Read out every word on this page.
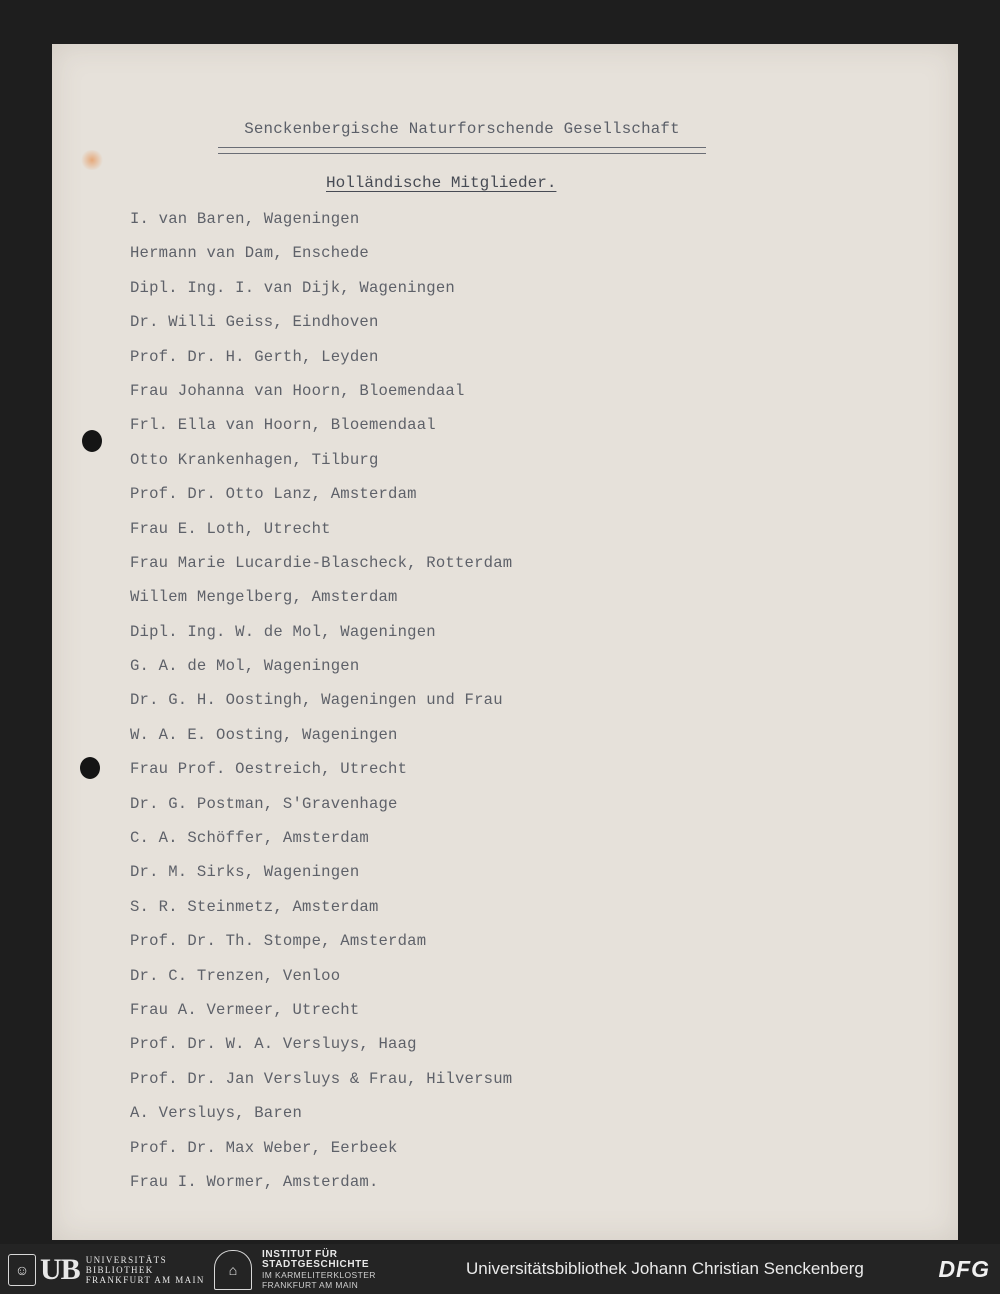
Senckenbergische Naturforschende Gesellschaft
Holländische Mitglieder.
I. van Baren, Wageningen
Hermann van Dam, Enschede
Dipl. Ing. I. van Dijk, Wageningen
Dr. Willi Geiss, Eindhoven
Prof. Dr. H. Gerth, Leyden
Frau Johanna van Hoorn, Bloemendaal
Frl. Ella van Hoorn, Bloemendaal
Otto Krankenhagen, Tilburg
Prof. Dr. Otto Lanz, Amsterdam
Frau E. Loth, Utrecht
Frau Marie Lucardie-Blascheck, Rotterdam
Willem Mengelberg, Amsterdam
Dipl. Ing. W. de Mol, Wageningen
G. A. de Mol, Wageningen
Dr. G. H. Oostingh, Wageningen und Frau
W. A. E. Oosting, Wageningen
Frau Prof. Oestreich, Utrecht
Dr. G. Postman, S'Gravenhage
C. A. Schöffer, Amsterdam
Dr. M. Sirks, Wageningen
S. R. Steinmetz, Amsterdam
Prof. Dr. Th. Stompe, Amsterdam
Dr. C. Trenzen, Venloo
Frau A. Vermeer, Utrecht
Prof. Dr. W. A. Versluys, Haag
Prof. Dr. Jan Versluys & Frau, Hilversum
A. Versluys, Baren
Prof. Dr. Max Weber, Eerbeek
Frau I. Wormer, Amsterdam.
☺ UB UNIVERSITÄTS
BIBLIOTHEK
FRANKFURT AM MAIN
⌂
INSTITUT FÜR
STADTGESCHICHTE
IM KARMELITERKLOSTER
FRANKFURT AM MAIN
Universitätsbibliothek Johann Christian Senckenberg	DFG
